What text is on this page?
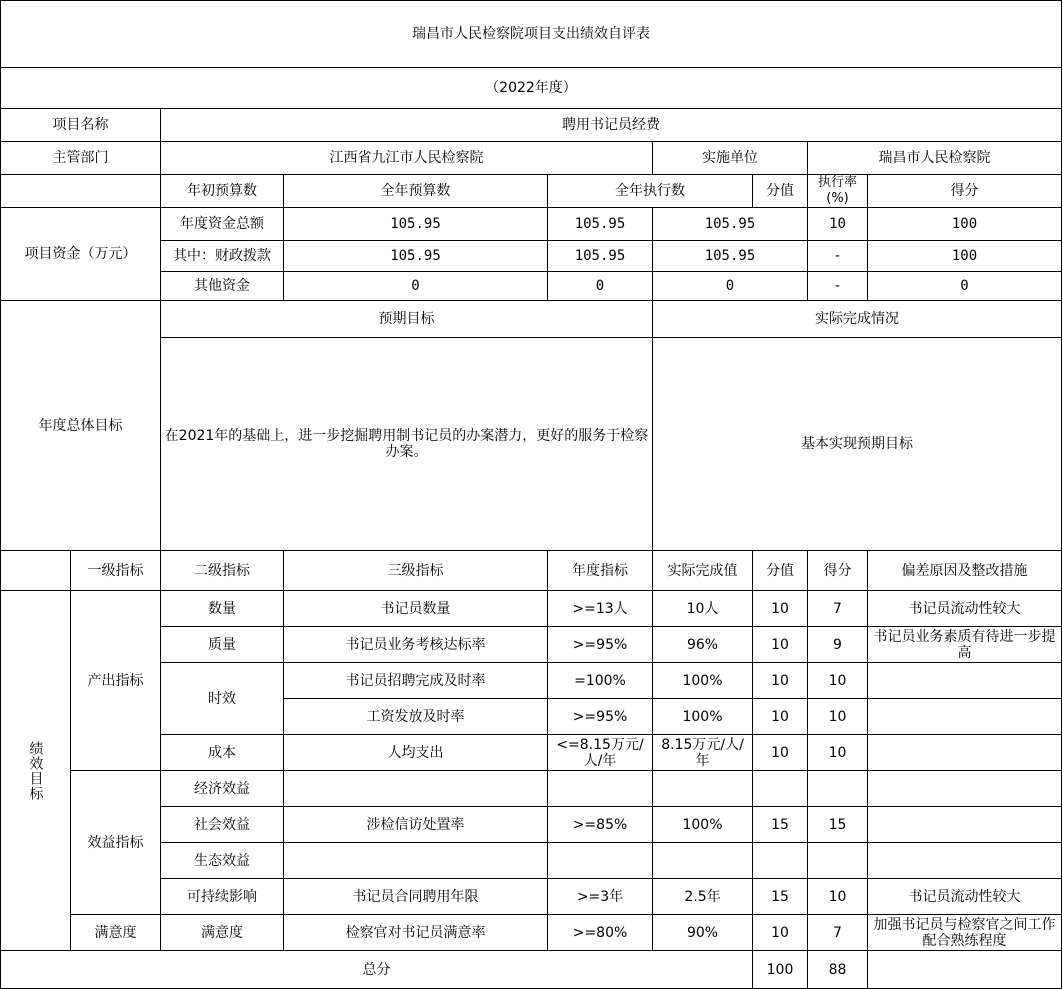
瑞昌市人民检察院项目支出绩效自评表									
（2022年度）									
项目名称		聘用书记员经费							
主管部门		江西省九江市人民检察院			实施单位		瑞昌市人民检察院		
		年初预算数	全年预算数	全年执行数		分值	执行率(%)	得分	
项目资金（万元）		年度资金总额	105.95	105.95	105.95		10	100	
		其中：财政拨款	105.95	105.95	105.95		-	100	
		其他资金	0	0	0		-	0	
年度总体目标		预期目标			实际完成情况				
		在2021年的基础上，进一步挖掘聘用制书记员的办案潜力，更好的服务于检察办案。			基本实现预期目标				
	一级指标	二级指标	三级指标	年度指标	实际完成值	分值	得分	偏差原因及整改措施	
绩效目标	产出指标	数量	书记员数量	>=13人	10人	10	7	书记员流动性较大	
		质量	书记员业务考核达标率	>=95%	96%	10	9	书记员业务素质有待进一步提高	
		时效	书记员招聘完成及时率	=100%	100%	10	10		
			工资发放及时率	>=95%	100%	10	10		
		成本	人均支出	<=8.15万元/人/年	8.15万元/人/年	10	10		
	效益指标	经济效益							
		社会效益	涉检信访处置率	>=85%	100%	15	15		
		生态效益							
		可持续影响	书记员合同聘用年限	>=3年	2.5年	15	10	书记员流动性较大	
	满意度	满意度	检察官对书记员满意率	>=80%	90%	10	7	加强书记员与检察官之间工作配合熟练程度	
总分						100	88		
